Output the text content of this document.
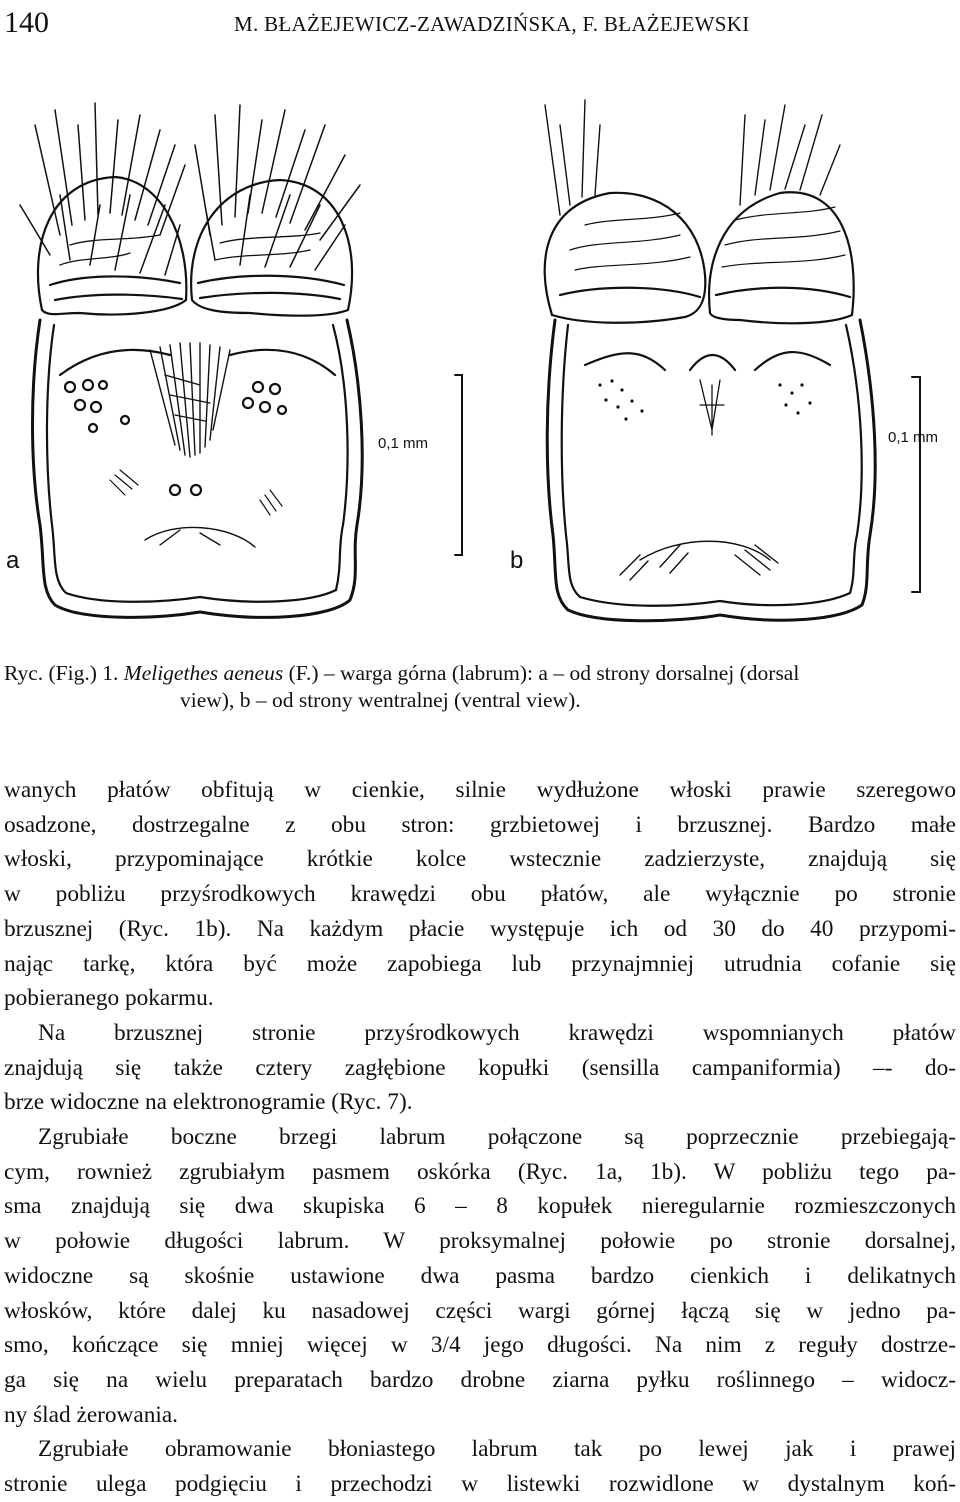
140	M. BŁAŻEJEWICZ-ZAWADZIŃSKA, F. BŁAŻEJEWSKI
0,1 mm	0,1 mm
a	b
Ryc. (Fig.) 1. Meligethes aeneus (F.) – warga górna (labrum): a – od strony dorsalnej (dorsal
view), b – od strony wentralnej (ventral view).
wanych płatów obfitują w cienkie, silnie wydłużone włoski prawie szeregowo
osadzone, dostrzegalne z obu stron: grzbietowej i brzusznej. Bardzo małe
włoski, przypominające krótkie kolce wstecznie zadzierzyste, znajdują się
w pobliżu przyśrodkowych krawędzi obu płatów, ale wyłącznie po stronie
brzusznej (Ryc. 1b). Na każdym płacie występuje ich od 30 do 40 przypomi-
nając tarkę, która być może zapobiega lub przynajmniej utrudnia cofanie się
pobieranego pokarmu.
Na brzusznej stronie przyśrodkowych krawędzi wspomnianych płatów
znajdują się także cztery zagłębione kopułki (sensilla campaniformia) –- do-
brze widoczne na elektronogramie (Ryc. 7).
Zgrubiałe boczne brzegi labrum połączone są poprzecznie przebiegają-
cym, rownież zgrubiałym pasmem oskórka (Ryc. 1a, 1b). W pobliżu tego pa-
sma znajdują się dwa skupiska 6 – 8 kopułek nieregularnie rozmieszczonych
w połowie długości labrum. W proksymalnej połowie po stronie dorsalnej,
widoczne są skośnie ustawione dwa pasma bardzo cienkich i delikatnych
włosków, które dalej ku nasadowej części wargi górnej łączą się w jedno pa-
smo, kończące się mniej więcej w 3/4 jego długości. Na nim z reguły dostrze-
ga się na wielu preparatach bardzo drobne ziarna pyłku roślinnego – widocz-
ny ślad żerowania.
Zgrubiałe obramowanie błoniastego labrum tak po lewej jak i prawej
stronie ulega podgięciu i przechodzi w listewki rozwidlone w dystalnym koń-
